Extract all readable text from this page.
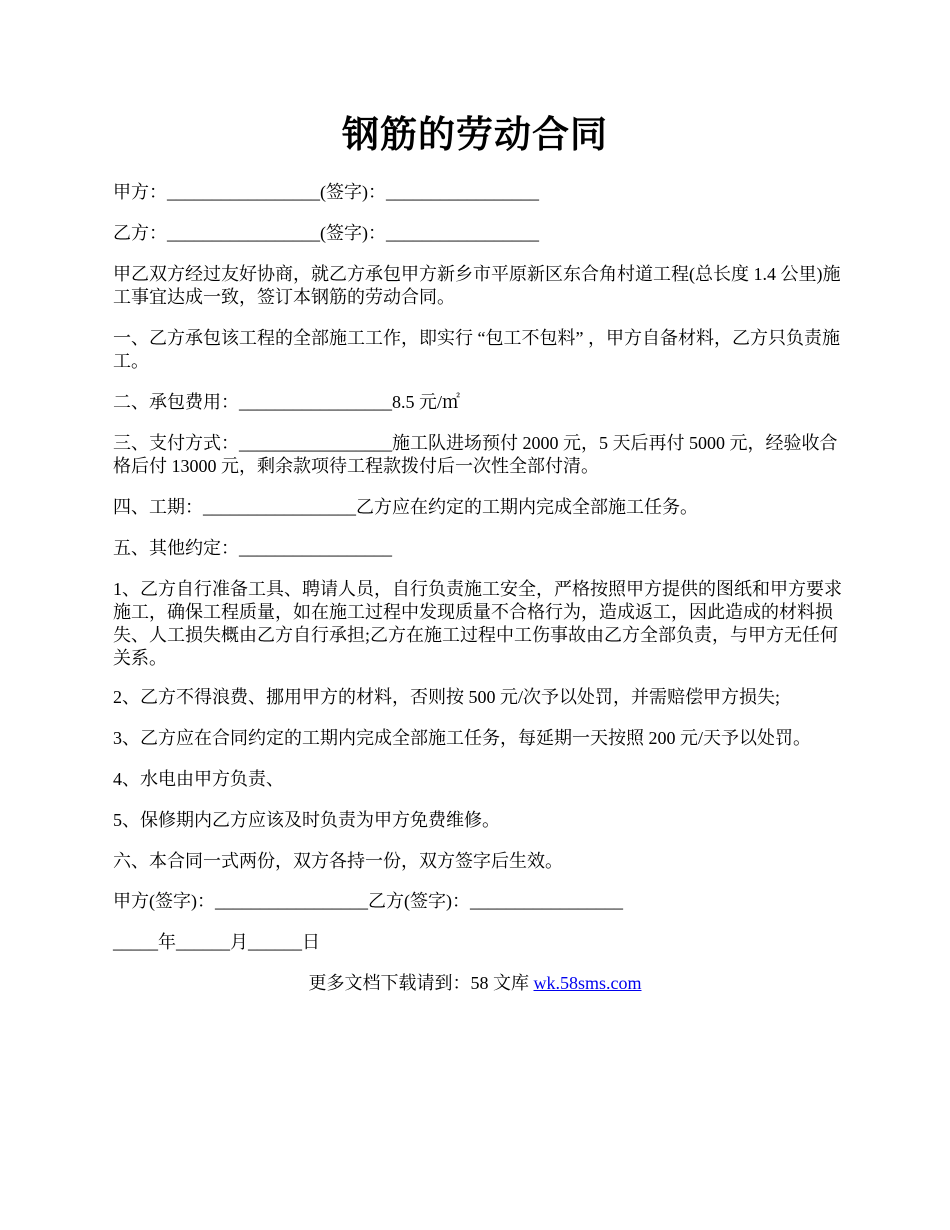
钢筋的劳动合同
甲方：_________________(签字)：_________________
乙方：_________________(签字)：_________________
甲乙双方经过友好协商，就乙方承包甲方新乡市平原新区东合角村道工程(总长度 1.4 公里)施工事宜达成一致，签订本钢筋的劳动合同。
一、乙方承包该工程的全部施工工作，即实行 “包工不包料” ，甲方自备材料，乙方只负责施工。
二、承包费用：_________________8.5 元/㎡
三、支付方式：_________________施工队进场预付 2000 元，5 天后再付 5000 元，经验收合格后付 13000 元，剩余款项待工程款拨付后一次性全部付清。
四、工期：_________________乙方应在约定的工期内完成全部施工任务。
五、其他约定：_________________
1、乙方自行准备工具、聘请人员，自行负责施工安全，严格按照甲方提供的图纸和甲方要求施工，确保工程质量，如在施工过程中发现质量不合格行为，造成返工，因此造成的材料损失、人工损失概由乙方自行承担;乙方在施工过程中工伤事故由乙方全部负责，与甲方无任何关系。
2、乙方不得浪费、挪用甲方的材料，否则按 500 元/次予以处罚，并需赔偿甲方损失;
3、乙方应在合同约定的工期内完成全部施工任务，每延期一天按照 200 元/天予以处罚。
4、水电由甲方负责、
5、保修期内乙方应该及时负责为甲方免费维修。
六、本合同一式两份，双方各持一份，双方签字后生效。
甲方(签字)：_________________乙方(签字)：_________________
_____年______月______日
更多文档下载请到：58 文库 wk.58sms.com
